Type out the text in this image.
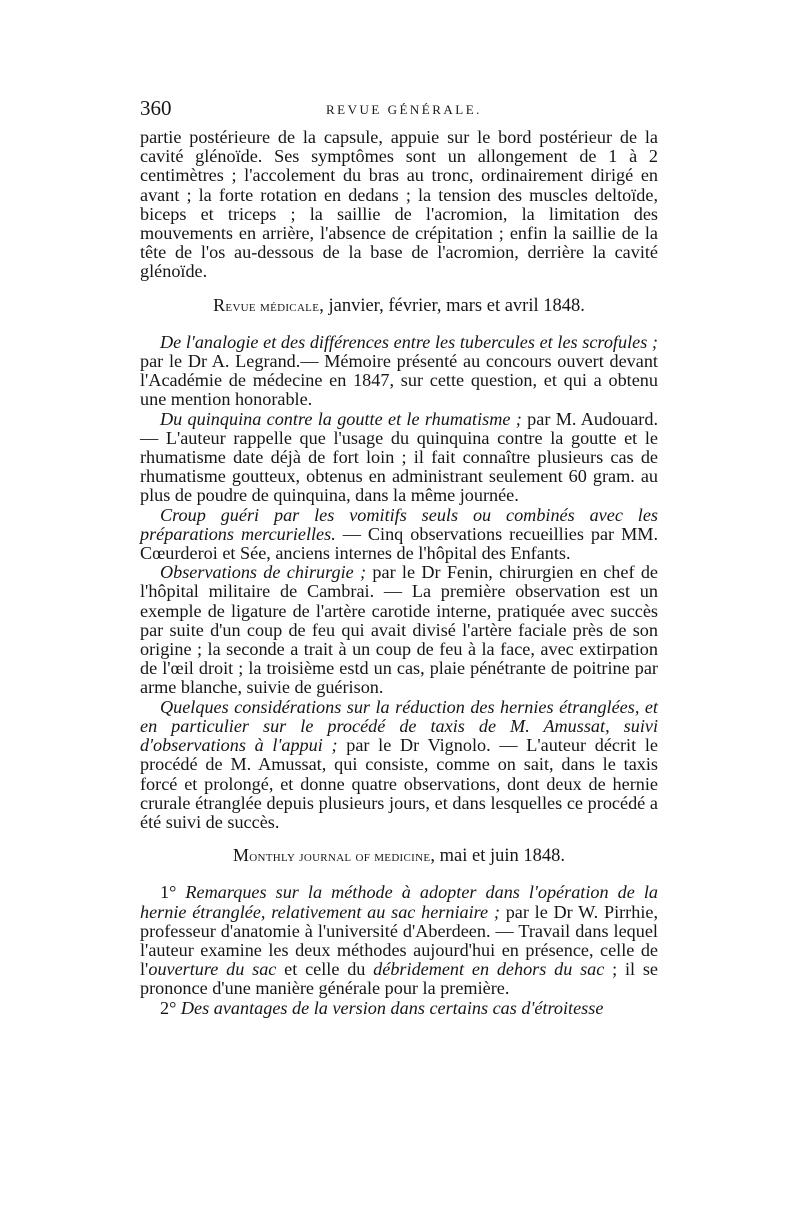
360	REVUE GÉNÉRALE.

partie postérieure de la capsule, appuie sur le bord postérieur de la cavité glénoïde. Ses symptômes sont un allongement de 1 à 2 centimètres ; l'accolement du bras au tronc, ordinairement dirigé en avant ; la forte rotation en dedans ; la tension des muscles deltoïde, biceps et triceps ; la saillie de l'acromion, la limitation des mouvements en arrière, l'absence de crépitation ; enfin la saillie de la tête de l'os au-dessous de la base de l'acromion, derrière la cavité glénoïde.

Revue médicale, janvier, février, mars et avril 1848.

De l'analogie et des différences entre les tubercules et les scrofules ; par le Dr A. Legrand.— Mémoire présenté au concours ouvert devant l'Académie de médecine en 1847, sur cette question, et qui a obtenu une mention honorable.

Du quinquina contre la goutte et le rhumatisme ; par M. Audouard. — L'auteur rappelle que l'usage du quinquina contre la goutte et le rhumatisme date déjà de fort loin ; il fait connaître plusieurs cas de rhumatisme goutteux, obtenus en administrant seulement 60 gram. au plus de poudre de quinquina, dans la même journée.

Croup guéri par les vomitifs seuls ou combinés avec les préparations mercurielles. — Cinq observations recueillies par MM. Cœurderoi et Sée, anciens internes de l'hôpital des Enfants.

Observations de chirurgie ; par le Dr Fenin, chirurgien en chef de l'hôpital militaire de Cambrai. — La première observation est un exemple de ligature de l'artère carotide interne, pratiquée avec succès par suite d'un coup de feu qui avait divisé l'artère faciale près de son origine ; la seconde a trait à un coup de feu à la face, avec extirpation de l'œil droit ; la troisième estd un cas, plaie pénétrante de poitrine par arme blanche, suivie de guérison.

Quelques considérations sur la réduction des hernies étranglées, et en particulier sur le procédé de taxis de M. Amussat, suivi d'observations à l'appui ; par le Dr Vignolo. — L'auteur décrit le procédé de M. Amussat, qui consiste, comme on sait, dans le taxis forcé et prolongé, et donne quatre observations, dont deux de hernie crurale étranglée depuis plusieurs jours, et dans lesquelles ce procédé a été suivi de succès.

Monthly journal of medicine, mai et juin 1848.

1° Remarques sur la méthode à adopter dans l'opération de la hernie étranglée, relativement au sac herniaire ; par le Dr W. Pirrhie, professeur d'anatomie à l'université d'Aberdeen. — Travail dans lequel l'auteur examine les deux méthodes aujourd'hui en présence, celle de l'ouverture du sac et celle du débridement en dehors du sac ; il se prononce d'une manière générale pour la première.

2° Des avantages de la version dans certains cas d'étroitesse
